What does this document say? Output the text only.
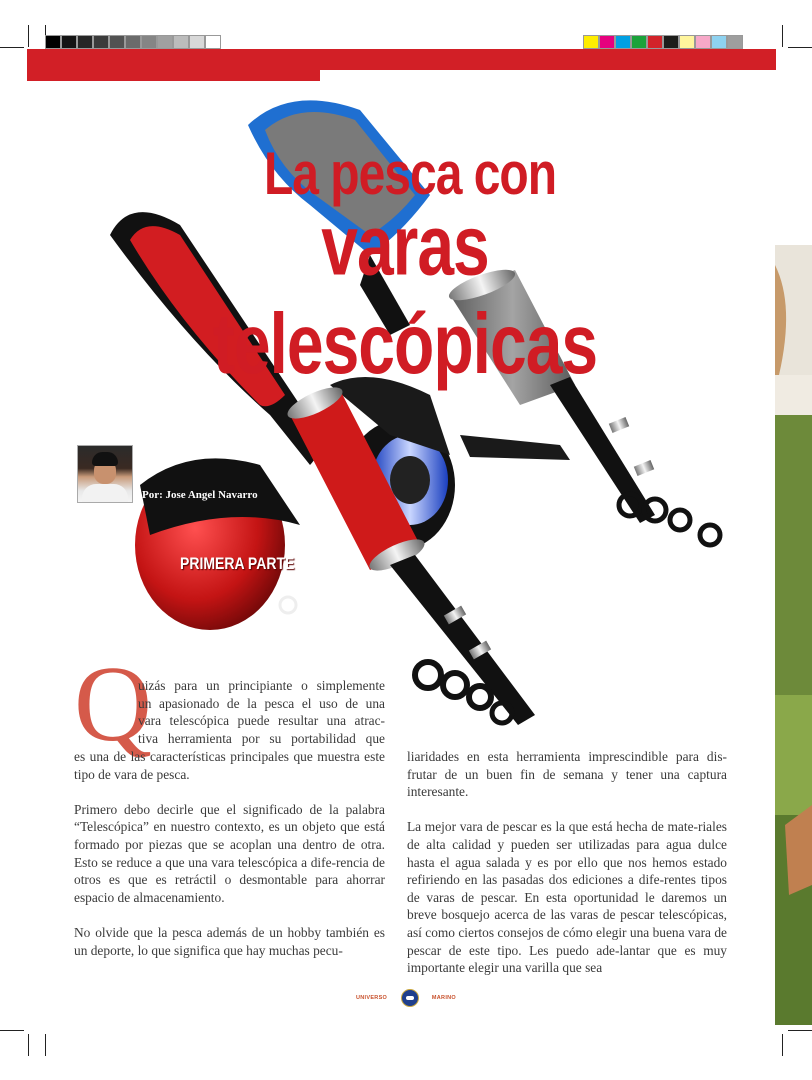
La pesca con
varas telescópicas
Por: Jose Angel Navarro
PRIMERA PARTE
Q
uizás para un principiante o simplemente
un apasionado de la pesca el uso de una
vara telescópica puede resultar una atrac-
tiva herramienta por su portabilidad que

es una de las características principales que muestra este tipo de vara de pesca.

Primero debo decirle que el significado de la palabra “Telescópica” en nuestro contexto, es un objeto que está formado por piezas que se acoplan una dentro de otra. Esto se reduce a que una vara telescópica a dife-rencia de otros es que es retráctil o desmontable para ahorrar espacio de almacenamiento.

No olvide que la pesca además de un hobby también es un deporte, lo que significa que hay muchas pecu-

liaridades en esta herramienta imprescindible para dis-frutar de un buen fin de semana y tener una captura interesante.

La mejor vara de pescar es la que está hecha de mate-riales de alta calidad y pueden ser utilizadas para agua dulce hasta el agua salada y es por ello que nos hemos estado refiriendo en las pasadas dos ediciones a dife-rentes tipos de varas de pescar. En esta oportunidad le daremos un breve bosquejo acerca de las varas de pescar telescópicas, así como ciertos consejos de cómo elegir una buena vara de pescar de este tipo. Les puedo ade-lantar que es muy importante elegir una varilla que sea

UNIVERSO	MARINO
